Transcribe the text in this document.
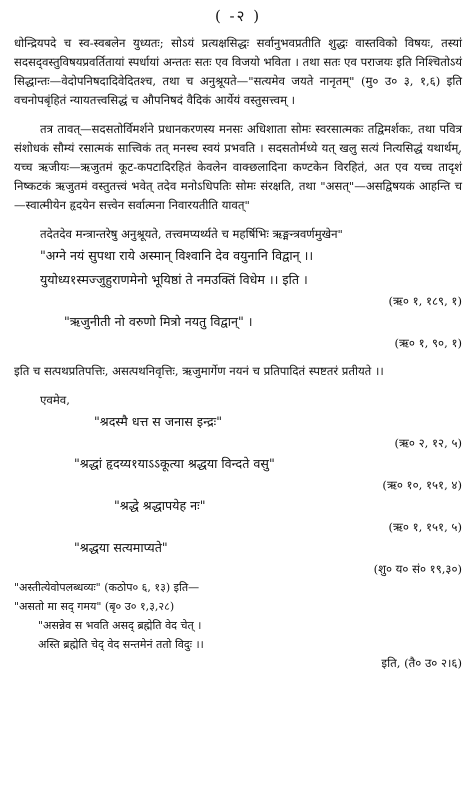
( -२ )

धोन्द्रियपदे च स्व-स्वबलेन युध्यतः; सोऽयं प्रत्यक्षसिद्धः सर्वानुभवप्रतीति शुद्धः वास्तविको विषयः, तस्यां सदसद्‌वस्तुविषयप्रवर्तितायां स्पर्धायां अन्ततः सतः एव विजयो भविता । तथा सतः एव पराजयः इति निश्चितोऽयं सिद्धान्तः—वेदोपनिषदादिवेदितश्च, तथा च अनुश्रूयते—"सत्यमेव जयते नानृतम्" (मु० उ० ३, १,६) इति वचनोपबृंहितं न्यायतत्त्वसिद्धं च औपनिषदं वैदिकं आर्येयं वस्तुसत्त्वम् ।

तत्र तावत्—सदसतोर्विमर्शने प्रधानकरणस्य मनसः अधिशाता सोमः स्वरसात्मकः तद्विमर्शकः, तथा पवित्र संशोधकं सौम्यं रसात्मकं सात्त्विकं तत् मनस्च स्वयं प्रभवति । सदसतोर्मध्ये यत् खलु सत्यं नित्यसिद्धं यथार्थम्, यच्च ऋजीयः—ऋजुतमं कूट-कपटादिरहितं केवलेन वाक्छलादिना कण्टकेन विरहितं, अत एव यच्च तादृशं निष्कटकं ऋजुतमं वस्तुतत्त्वं भवेत् तदेव मनोऽधिपतिः सोमः संरक्षति, तथा "असत्"—असद्विषयकं आहन्ति च—स्वात्मीयेन हृदयेन सत्त्वेन सर्वात्मना निवारयतीति यावत्"

तदेतदेव मन्त्रान्तरेषु अनुश्रूयते, तत्त्वमप्यर्थ्यते च महर्षिभिः ऋङ्मन्त्रवर्णमुखेन"

"अग्ने नयं सुपथा राये अस्मान् विश्वानि देव वयुनानि विद्वान् ।।
युयोध्य१स्मज्जुहुराणमेनो भूयिष्ठां ते नमउक्तिं विधेम ।। इति ।
(ऋ० १, १८९, १)
"ऋजुनीती नो वरुणो मित्रो नयतु विद्वान्" ।
(ऋ० १, ९०, १)

इति च सत्पथप्रतिपत्तिः, असत्पथनिवृत्तिः, ऋजुमार्गेण नयनं च प्रतिपादितं स्पष्टतरं प्रतीयते ।।

एवमेव,

"श्रदस्मै धत्त स जनास इन्द्रः"
(ऋ० २, १२, ५)
"श्रद्धां हृदय्य१याऽऽकूत्या श्रद्धया विन्दते वसु"
(ऋ० १०, १५१, ४)
"श्रद्धे श्रद्धापयेह नः"
(ऋ० १, १५१, ५)
"श्रद्धया सत्यमाप्यते"
(शु० य० सं० १९,३०)

"अस्तीत्येवोपलब्धव्यः" (कठोप० ६, १३) इति—

"असतो मा सद् गमय" (बृ० उ० १,३,२८)

"असन्नेव स भवति असद् ब्रह्मेति वेद चेत् ।

अस्ति ब्रह्मेति चेद् वेद सन्तमेनं ततो विदुः ।।

इति, (तै० उ० २।६)
